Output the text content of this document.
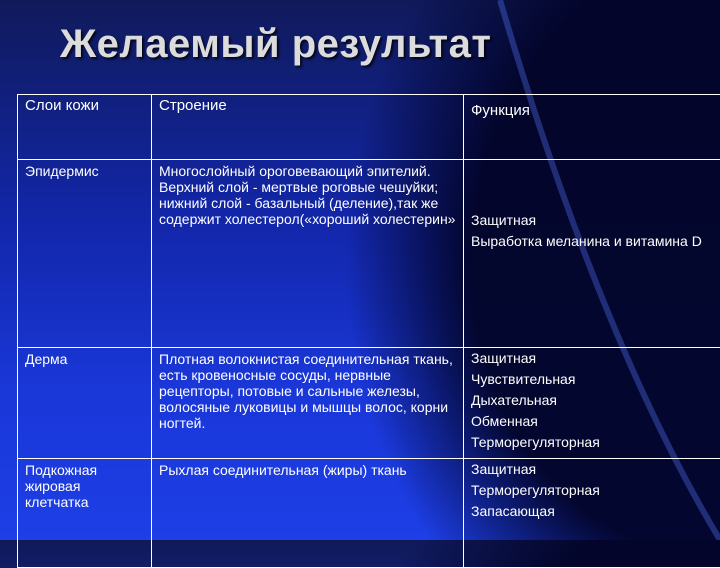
Желаемый результат
Слои кожи	Строение	Функция

Эпидермис	Многослойный ороговевающий эпителий. Верхний слой - мертвые роговые чешуйки; нижний слой - базальный (деление),так же содержит холестерол(«хороший холестерин»	Защитная
Выработка меланина и витамина D

Дерма	Плотная волокнистая соединительная ткань, есть кровеносные сосуды, нервные рецепторы, потовые и сальные железы, волосяные луковицы и мышцы волос, корни ногтей.	Защитная
Чувствительная
Дыхательная
Обменная
Терморегуляторная

Подкожная жировая клетчатка	Рыхлая соединительная (жиры) ткань	Защитная
Терморегуляторная
Запасающая
